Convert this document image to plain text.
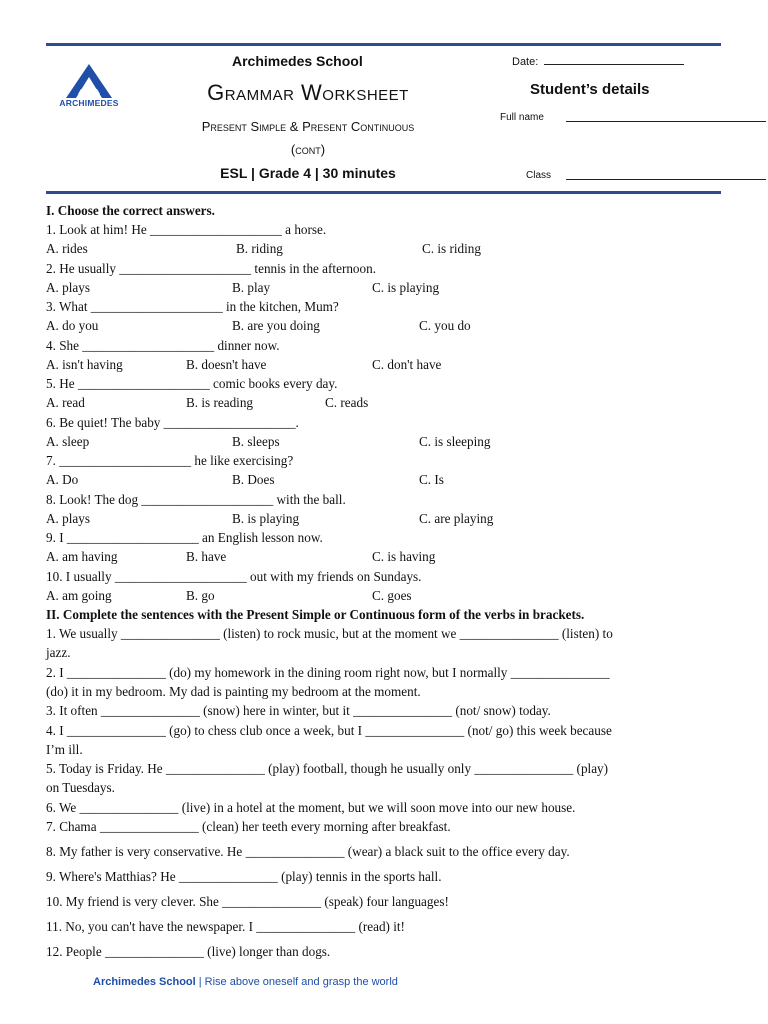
ARCHIMEDES
Archimedes School
Grammar Worksheet
Present Simple & Present Continuous
(cont)
ESL | Grade 4 | 30 minutes
Date:
Student’s details
Full name
Class
I. Choose the correct answers.
1. Look at him! He ____________________ a horse.
A. rides	B. riding	C. is riding
2. He usually ____________________ tennis in the afternoon.
A. plays	B. play	C. is playing
3. What ____________________ in the kitchen, Mum?
A. do you	B. are you doing	C. you do
4. She ____________________ dinner now.
A. isn't having	B. doesn't have	C. don't have
5. He ____________________ comic books every day.
A. read	B. is reading	C. reads
6. Be quiet! The baby ____________________.
A. sleep	B. sleeps	C. is sleeping
7. ____________________ he like exercising?
A. Do	B. Does	C. Is
8. Look! The dog ____________________ with the ball.
A. plays	B. is playing	C. are playing
9. I ____________________ an English lesson now.
A. am having	B. have	C. is having
10. I usually ____________________ out with my friends on Sundays.
A. am going	B. go	C. goes
II. Complete the sentences with the Present Simple or Continuous form of the verbs in brackets.
1. We usually _______________ (listen) to rock music, but at the moment we _______________ (listen) to
jazz.
2. I _______________ (do) my homework in the dining room right now, but I normally _______________
(do) it in my bedroom. My dad is painting my bedroom at the moment.
3. It often _______________ (snow) here in winter, but it _______________ (not/ snow) today.
4. I _______________ (go) to chess club once a week, but I _______________ (not/ go) this week because
I’m ill.
5. Today is Friday. He _______________ (play) football, though he usually only _______________ (play)
on Tuesdays.
6. We _______________ (live) in a hotel at the moment, but we will soon move into our new house.
7. Chama _______________ (clean) her teeth every morning after breakfast.
8. My father is very conservative. He _______________ (wear) a black suit to the office every day.
9. Where's Matthias? He _______________ (play) tennis in the sports hall.
10. My friend is very clever. She _______________ (speak) four languages!
11. No, you can't have the newspaper. I _______________ (read) it!
12. People _______________ (live) longer than dogs.
Archimedes School | Rise above oneself and grasp the world
